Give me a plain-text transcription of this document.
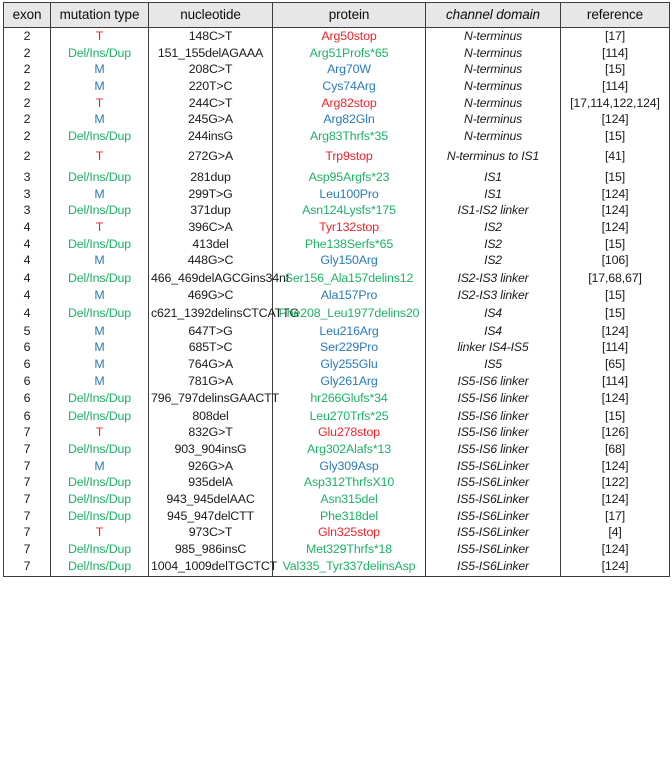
exon	mutation type	nucleotide	protein	channel domain	reference
2	T	148C>T	Arg50stop	N-terminus	[17]
2	Del/Ins/Dup	151_155delAGAAA	Arg51Profs*65	N-terminus	[114]
2	M	208C>T	Arg70W	N-terminus	[15]
2	M	220T>C	Cys74Arg	N-terminus	[114]
2	T	244C>T	Arg82stop	N-terminus	[17,114,122,124]
2	M	245G>A	Arg82Gln	N-terminus	[124]
2	Del/Ins/Dup	244insG	Arg83Thrfs*35	N-terminus	[15]
2	T	272G>A	Trp9stop	N-terminus to IS1	[41]
3	Del/Ins/Dup	281dup	Asp95Argfs*23	IS1	[15]
3	M	299T>G	Leu100Pro	IS1	[124]
3	Del/Ins/Dup	371dup	Asn124Lysfs*175	IS1-IS2 linker	[124]
4	T	396C>A	Tyr132stop	IS2	[124]
4	Del/Ins/Dup	413del	Phe138Serfs*65	IS2	[15]
4	M	448G>C	Gly150Arg	IS2	[106]
4	Del/Ins/Dup	466_469delAGCGins34nt	Ser156_Ala157delins12	IS2-IS3 linker	[17,68,67]
4	M	469G>C	Ala157Pro	IS2-IS3 linker	[15]
4	Del/Ins/Dup	c621_1392delinsCTCATTG	Phe208_Leu1977delins20	IS4	[15]
5	M	647T>G	Leu216Arg	IS4	[124]
6	M	685T>C	Ser229Pro	linker IS4-IS5	[114]
6	M	764G>A	Gly255Glu	IS5	[65]
6	M	781G>A	Gly261Arg	IS5-IS6 linker	[114]
6	Del/Ins/Dup	796_797delinsGAACTT	hr266Glufs*34	IS5-IS6 linker	[124]
6	Del/Ins/Dup	808del	Leu270Trfs*25	IS5-IS6 linker	[15]
7	T	832G>T	Glu278stop	IS5-IS6 linker	[126]
7	Del/Ins/Dup	903_904insG	Arg302Alafs*13	IS5-IS6 linker	[68]
7	M	926G>A	Gly309Asp	IS5-IS6Linker	[124]
7	Del/Ins/Dup	935delA	Asp312ThrfsX10	IS5-IS6Linker	[122]
7	Del/Ins/Dup	943_945delAAC	Asn315del	IS5-IS6Linker	[124]
7	Del/Ins/Dup	945_947delCTT	Phe318del	IS5-IS6Linker	[17]
7	T	973C>T	Gln325stop	IS5-IS6Linker	[4]
7	Del/Ins/Dup	985_986insC	Met329Thrfs*18	IS5-IS6Linker	[124]
7	Del/Ins/Dup	1004_1009delTGCTCT	Val335_Tyr337delinsAsp	IS5-IS6Linker	[124]
